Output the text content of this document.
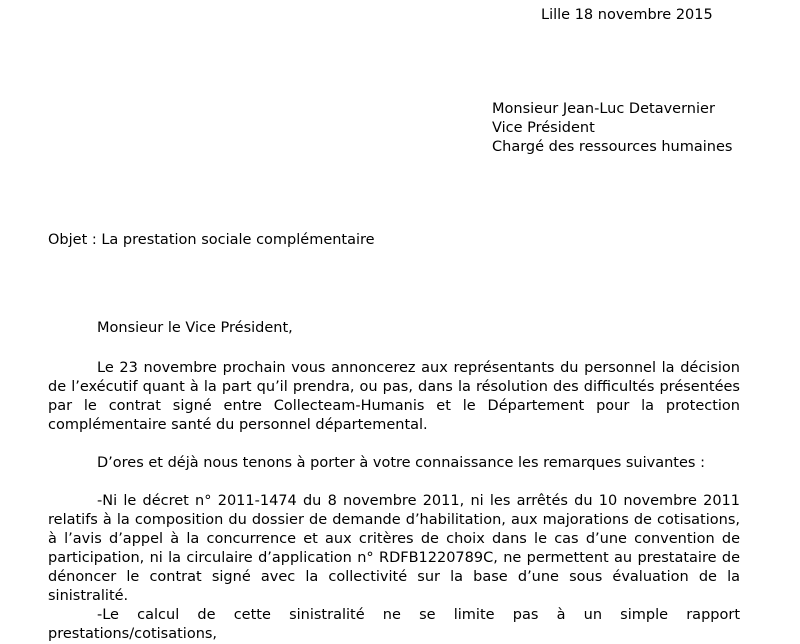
Lille 18 novembre 2015
Monsieur Jean-Luc Detavernier
Vice Président
Chargé des ressources humaines
Objet : La prestation sociale complémentaire
Monsieur le Vice Président,

Le 23 novembre prochain vous annoncerez aux représentants du personnel la décision de l’exécutif quant à la part qu’il prendra, ou pas, dans la résolution des difficultés présentées par le contrat signé entre Collecteam-Humanis et le Département pour la protection complémentaire santé du personnel départemental.

D’ores et déjà nous tenons à porter à votre connaissance les remarques suivantes :

-Ni le décret n° 2011-1474 du 8 novembre 2011, ni les arrêtés du 10 novembre 2011 relatifs à la composition du dossier de demande d’habilitation, aux majorations de cotisations, à l’avis d’appel à la concurrence et aux critères de choix dans le cas d’une convention de participation, ni la circulaire d’application n° RDFB1220789C, ne permettent au prestataire de dénoncer le contrat signé avec la collectivité sur la base d’une sous évaluation de la sinistralité.

-Le calcul de cette sinistralité ne se limite pas à un simple rapport prestations/cotisations,
